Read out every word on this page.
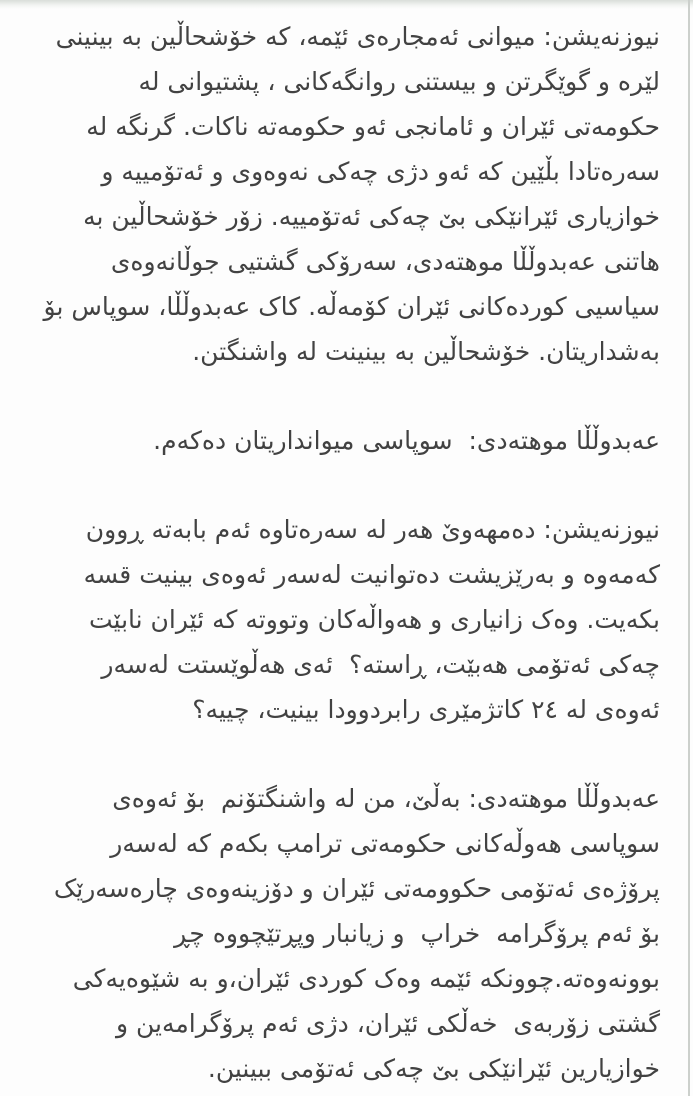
نیوزنەیشن: میوانی ئەمجارەی ئێمە، کە خۆشحاڵین بە بینینی لێرە و گوێگرتن و بیستنی روانگەکانی ، پشتیوانی لە حکومەتی ئێران و ئامانجی ئەو حکومەتە ناکات. گرنگە لە سەرەتادا بڵێین کە ئەو دژی چەکی نەوەوی و ئەتۆمییە و خوازیاری ئێرانێکی بێ چەکی ئەتۆمییە. زۆر خۆشحاڵین بە هاتنی عەبدوڵڵا موهتەدی، سەرۆکی گشتیی جوڵانەوەی سیاسیی کوردەکانی ئێران کۆمەڵە. کاک عەبدوڵڵا، سوپاس بۆ بەشداریتان. خۆشحاڵین بە بینینت لە واشنگتن.

عەبدوڵڵا موهتەدی:  سوپاسی میوانداریتان دەکەم.

نیوزنەیشن: دەمهەوێ هەر لە سەرەتاوە ئەم بابەتە ڕوون کەمەوە و بەرێزیشت دەتوانیت لەسەر ئەوەی بینیت قسە بکەیت. وەک زانیاری و هەواڵەکان وتووتە کە ئێران نابێت چەکی ئەتۆمی هەبێت، ڕاستە؟  ئەی هەڵوێستت لەسەر ئەوەی لە ٢٤ کاتژمێری رابردوودا بینیت، چییە؟

عەبدوڵڵا موهتەدی: بەڵێ، من لە واشنگتۆنم  بۆ ئەوەی سوپاسی هەوڵەکانی حکومەتی ترامپ بکەم کە لەسەر پرۆژەی ئەتۆمی حکوومەتی ئێران و دۆزینەوەی چارەسەرێک بۆ ئەم پرۆگرامە  خراپ  و زیانبار وپڕتێچووە چڕ بوونەوەتە.چوونکە ئێمە وەک کوردی ئێران،و بە شێوەیەکی گشتی زۆربەی  خەڵکی ئێران، دژی ئەم پرۆگرامەین و خوازیارین ئێرانێکی بێ چەکی ئەتۆمی ببینین.
